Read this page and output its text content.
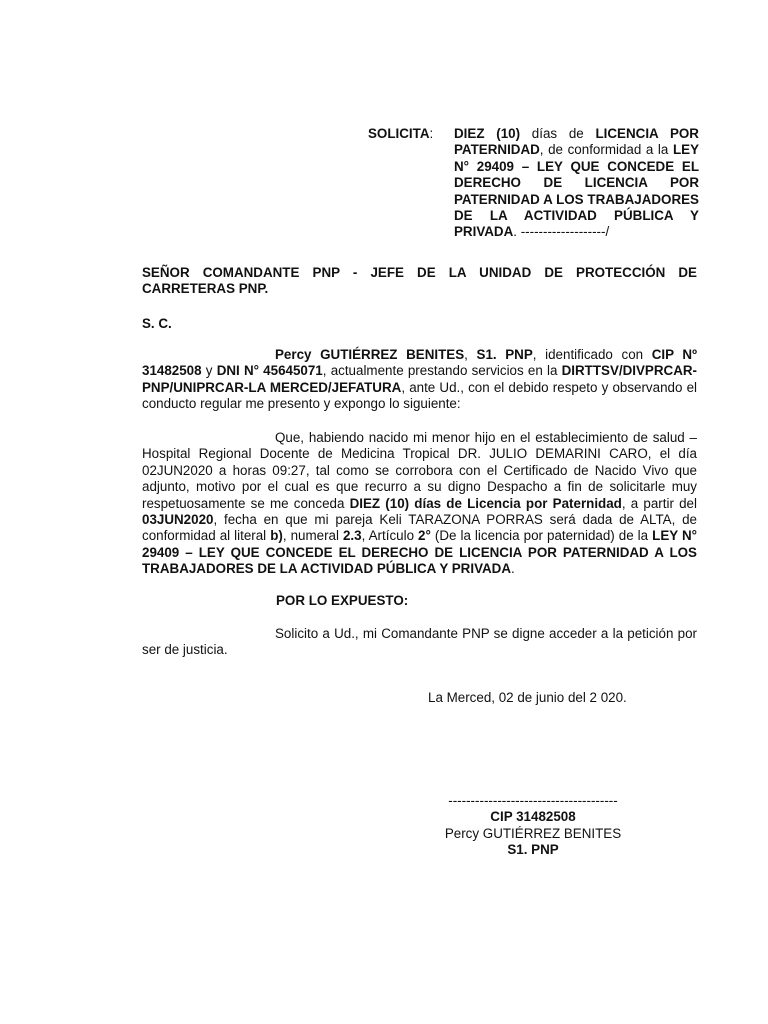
SOLICITA:	DIEZ (10) días de LICENCIA POR PATERNIDAD, de conformidad a la LEY N° 29409 – LEY QUE CONCEDE EL DERECHO DE LICENCIA POR PATERNIDAD A LOS TRABAJADORES DE LA ACTIVIDAD PÚBLICA Y PRIVADA. -------------------/
SEÑOR COMANDANTE PNP - JEFE DE LA UNIDAD DE PROTECCIÓN DE CARRETERAS PNP.
S. C.
Percy GUTIÉRREZ BENITES, S1. PNP, identificado con CIP Nº 31482508 y DNI N° 45645071, actualmente prestando servicios en la DIRTTSV/DIVPRCAR-PNP/UNIPRCAR-LA MERCED/JEFATURA, ante Ud., con el debido respeto y observando el conducto regular me presento y expongo lo siguiente:
Que, habiendo nacido mi menor hijo en el establecimiento de salud – Hospital Regional Docente de Medicina Tropical DR. JULIO DEMARINI CARO, el día 02JUN2020 a horas 09:27, tal como se corrobora con el Certificado de Nacido Vivo que adjunto, motivo por el cual es que recurro a su digno Despacho a fin de solicitarle muy respetuosamente se me conceda DIEZ (10) días de Licencia por Paternidad, a partir del 03JUN2020, fecha en que mi pareja Keli TARAZONA PORRAS será dada de ALTA, de conformidad al literal b), numeral 2.3, Artículo 2° (De la licencia por paternidad) de la LEY N° 29409 – LEY QUE CONCEDE EL DERECHO DE LICENCIA POR PATERNIDAD A LOS TRABAJADORES DE LA ACTIVIDAD PÚBLICA Y PRIVADA.
POR LO EXPUESTO:
Solicito a Ud., mi Comandante PNP se digne acceder a la petición por ser de justicia.
La Merced, 02 de junio del 2 020.
--------------------------------------
CIP 31482508
Percy GUTIÉRREZ BENITES
S1. PNP
